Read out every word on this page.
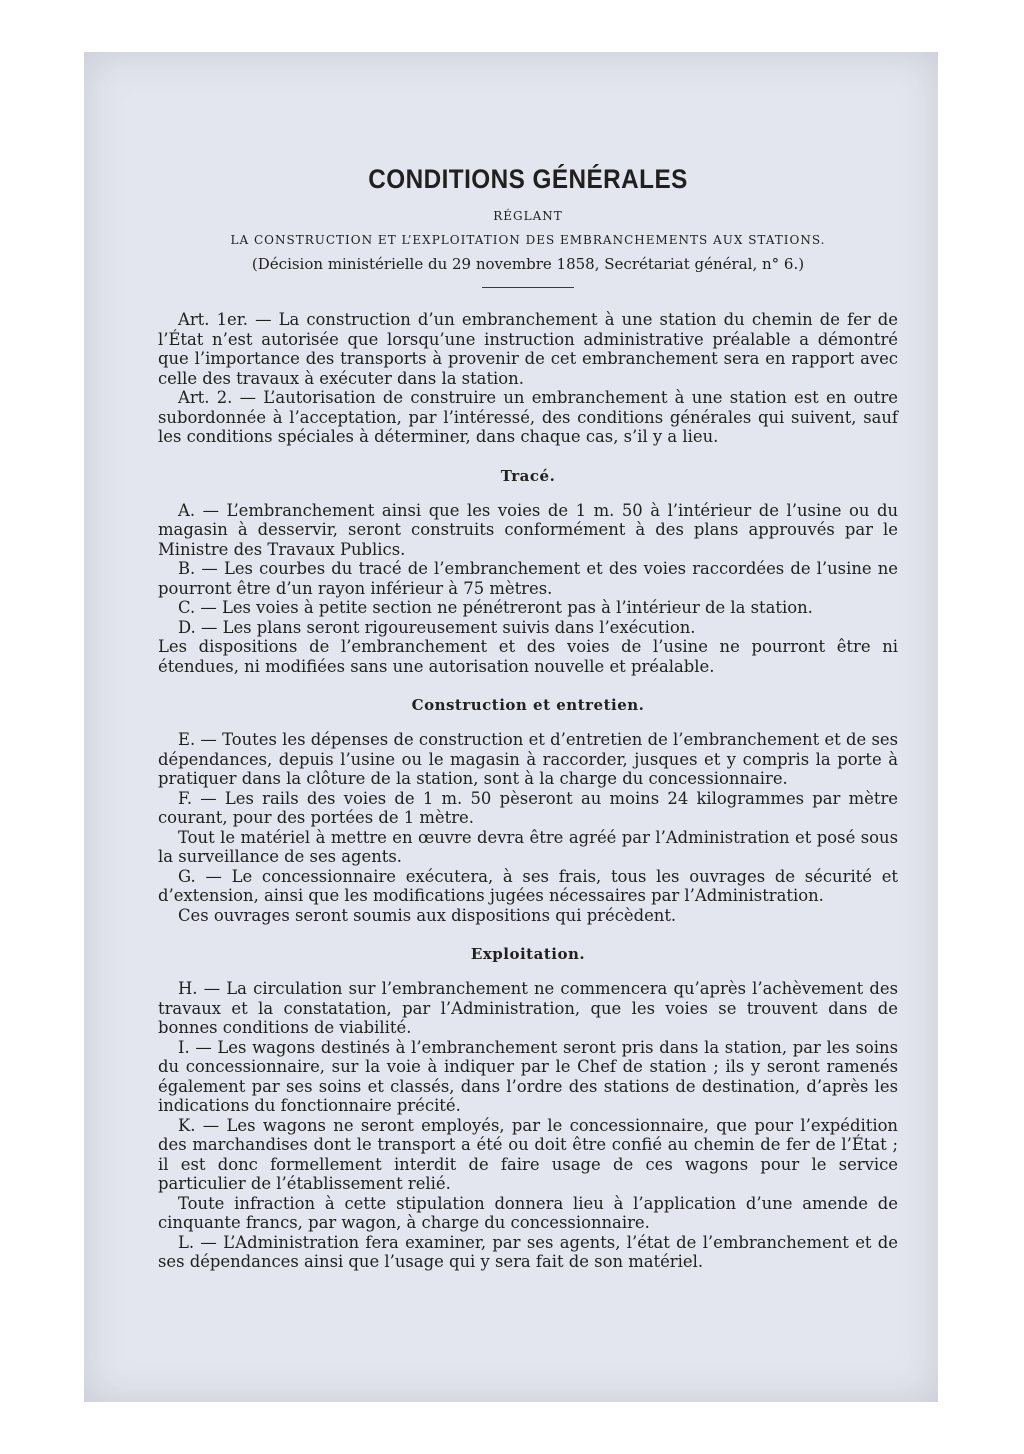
CONDITIONS GÉNÉRALES
RÉGLANT
LA CONSTRUCTION ET L’EXPLOITATION DES EMBRANCHEMENTS AUX STATIONS.
(Décision ministérielle du 29 novembre 1858, Secrétariat général, n° 6.)

Art. 1er. — La construction d’un embranchement à une station du chemin de fer de l’État n’est autorisée que lorsqu’une instruction administrative préalable a démontré que l’importance des transports à provenir de cet embranchement sera en rapport avec celle des travaux à exécuter dans la station.

Art. 2. — L’autorisation de construire un embranchement à une station est en outre subordonnée à l’acceptation, par l’intéressé, des conditions générales qui suivent, sauf les conditions spéciales à déterminer, dans chaque cas, s’il y a lieu.

Tracé.

A. — L’embranchement ainsi que les voies de 1 m. 50 à l’intérieur de l’usine ou du magasin à desservir, seront construits conformément à des plans approuvés par le Ministre des Travaux Publics.

B. — Les courbes du tracé de l’embranchement et des voies raccordées de l’usine ne pourront être d’un rayon inférieur à 75 mètres.

C. — Les voies à petite section ne pénétreront pas à l’intérieur de la station.

D. — Les plans seront rigoureusement suivis dans l’exécution.

Les dispositions de l’embranchement et des voies de l’usine ne pourront être ni étendues, ni modifiées sans une autorisation nouvelle et préalable.

Construction et entretien.

E. — Toutes les dépenses de construction et d’entretien de l’embranchement et de ses dépendances, depuis l’usine ou le magasin à raccorder, jusques et y compris la porte à pratiquer dans la clôture de la station, sont à la charge du concessionnaire.

F. — Les rails des voies de 1 m. 50 pèseront au moins 24 kilogrammes par mètre courant, pour des portées de 1 mètre.

Tout le matériel à mettre en œuvre devra être agréé par l’Administration et posé sous la surveillance de ses agents.

G. — Le concessionnaire exécutera, à ses frais, tous les ouvrages de sécurité et d’extension, ainsi que les modifications jugées nécessaires par l’Administration.

Ces ouvrages seront soumis aux dispositions qui précèdent.

Exploitation.

H. — La circulation sur l’embranchement ne commencera qu’après l’achèvement des travaux et la constatation, par l’Administration, que les voies se trouvent dans de bonnes conditions de viabilité.

I. — Les wagons destinés à l’embranchement seront pris dans la station, par les soins du concessionnaire, sur la voie à indiquer par le Chef de station ; ils y seront ramenés également par ses soins et classés, dans l’ordre des stations de destination, d’après les indications du fonctionnaire précité.

K. — Les wagons ne seront employés, par le concessionnaire, que pour l’expédition des marchandises dont le transport a été ou doit être confié au chemin de fer de l’État ; il est donc formellement interdit de faire usage de ces wagons pour le service particulier de l’établissement relié.

Toute infraction à cette stipulation donnera lieu à l’application d’une amende de cinquante francs, par wagon, à charge du concessionnaire.

L. — L’Administration fera examiner, par ses agents, l’état de l’embranchement et de ses dépendances ainsi que l’usage qui y sera fait de son matériel.
